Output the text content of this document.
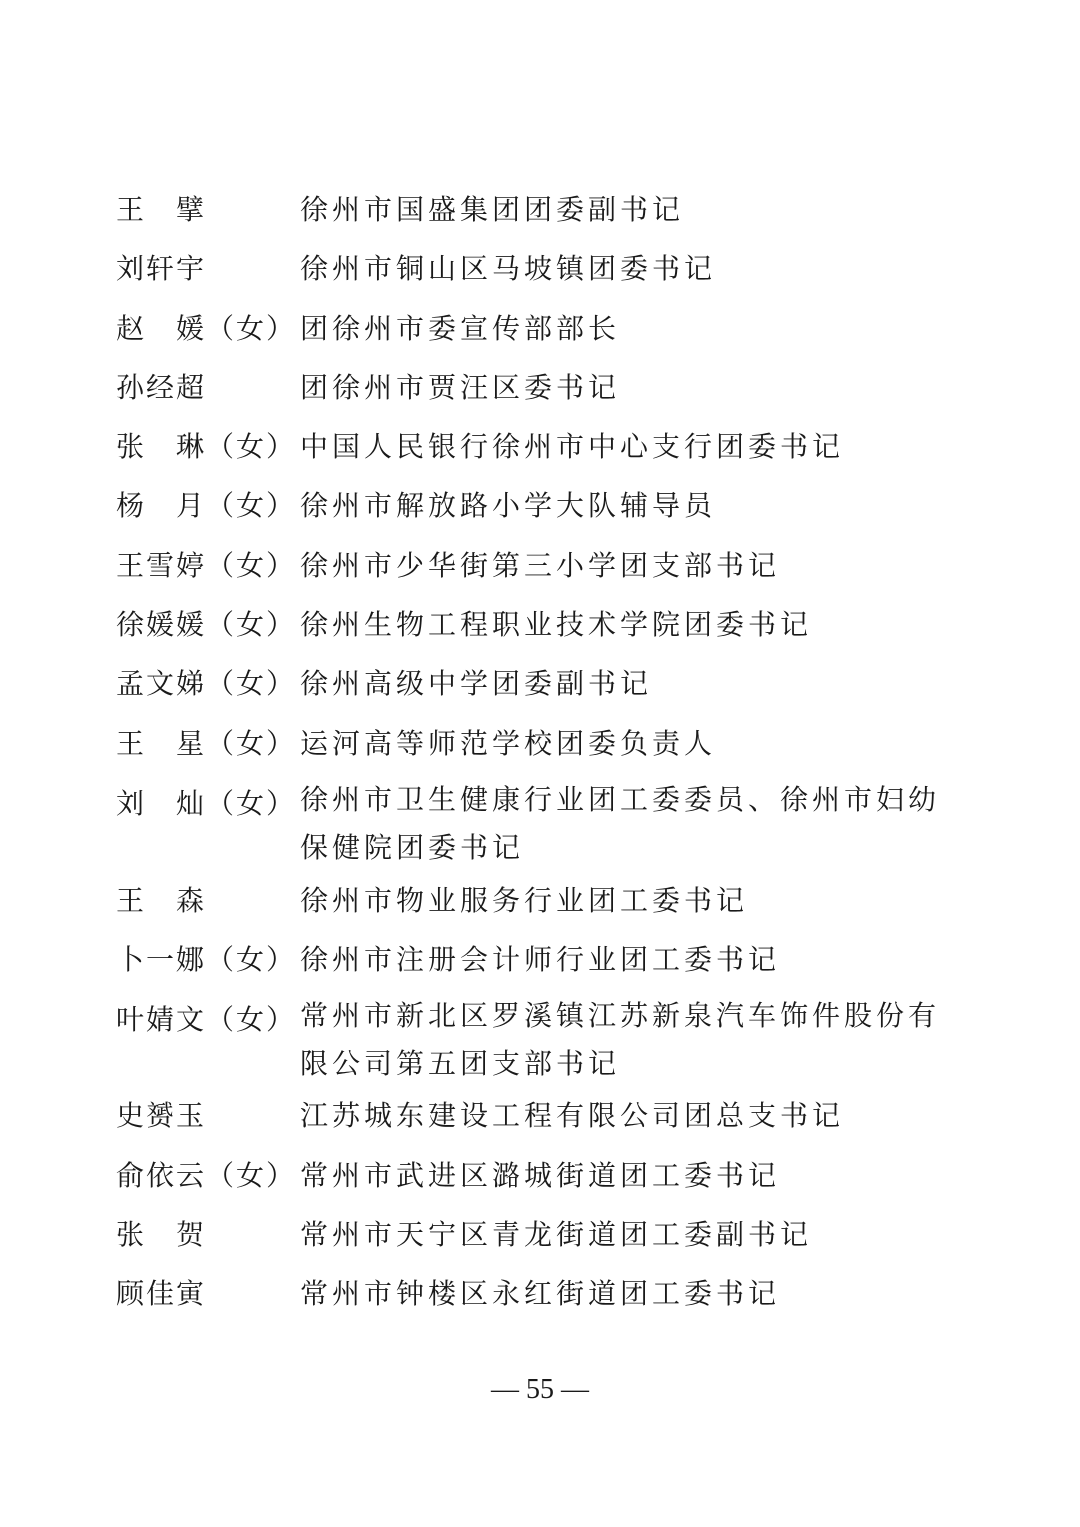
王　擘	徐州市国盛集团团委副书记
刘轩宇	徐州市铜山区马坡镇团委书记
赵　媛（女） 团徐州市委宣传部部长
孙经超	团徐州市贾汪区委书记
张　琳（女） 中国人民银行徐州市中心支行团委书记
杨　月（女） 徐州市解放路小学大队辅导员
王雪婷（女） 徐州市少华街第三小学团支部书记
徐媛媛（女） 徐州生物工程职业技术学院团委书记
孟文娣（女） 徐州高级中学团委副书记
王　星（女） 运河高等师范学校团委负责人
刘　灿（女） 徐州市卫生健康行业团工委委员、徐州市妇幼保健院团委书记
王　森	徐州市物业服务行业团工委书记
卜一娜（女） 徐州市注册会计师行业团工委书记
叶婧文（女） 常州市新北区罗溪镇江苏新泉汽车饰件股份有限公司第五团支部书记
史赟玉	江苏城东建设工程有限公司团总支书记
俞依云（女） 常州市武进区潞城街道团工委书记
张　贺	常州市天宁区青龙街道团工委副书记
顾佳寅	常州市钟楼区永红街道团工委书记
— 55 —
